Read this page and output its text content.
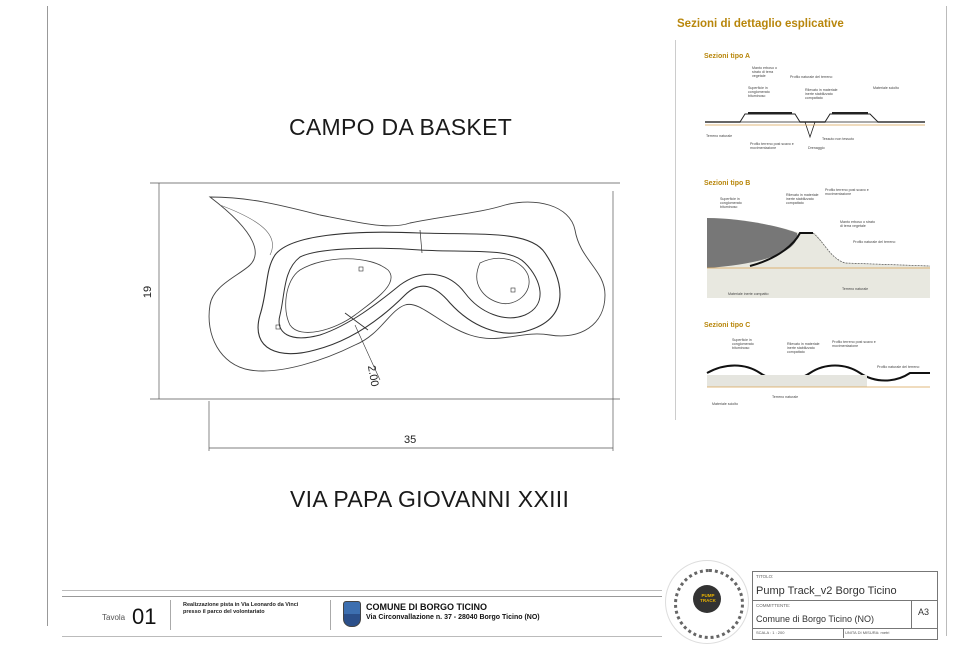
CAMPO DA BASKET
VIA PAPA GIOVANNI XXIII
19
35
2.00
Sezioni di dettaglio esplicative
Sezioni tipo A
Manto erboso o strato di terra vegetale	Profilo naturale del terreno
Superficie in conglomerato bituminoso
Rilevato in materiale inerte stabilizzato compattato
Materiale sciolto
Terreno naturale
Profilo terreno post scavo e movimentazione
Tessuto non tessuto
Drenaggio
Sezioni tipo B
Profilo terreno post scavo e movimentazione
Superficie in conglomerato bituminoso
Rilevato in materiale inerte stabilizzato compattato
Manto erboso o strato di terra vegetale
Profilo naturale del terreno
Materiale inerte compatto
Terreno naturale
Sezioni tipo C
Superficie in conglomerato bituminoso
Rilevato in materiale inerte stabilizzato compattato
Profilo terreno post scavo e movimentazione
Profilo naturale del terreno
Terreno naturale
Materiale sciolto
Tavola 01	Realizzazione pista in Via Leonardo da Vinci
presso il parco del volontariato	COMUNE DI BORGO TICINO
Via Circonvallazione n. 37 - 28040 Borgo Ticino (NO)
PUMP TRACK
TITOLO:
Pump Track_v2 Borgo Ticino
COMMITTENTE:
Comune di Borgo Ticino (NO)
A3
SCALA : 1 : 200	UNITA DI MISURA: metri
